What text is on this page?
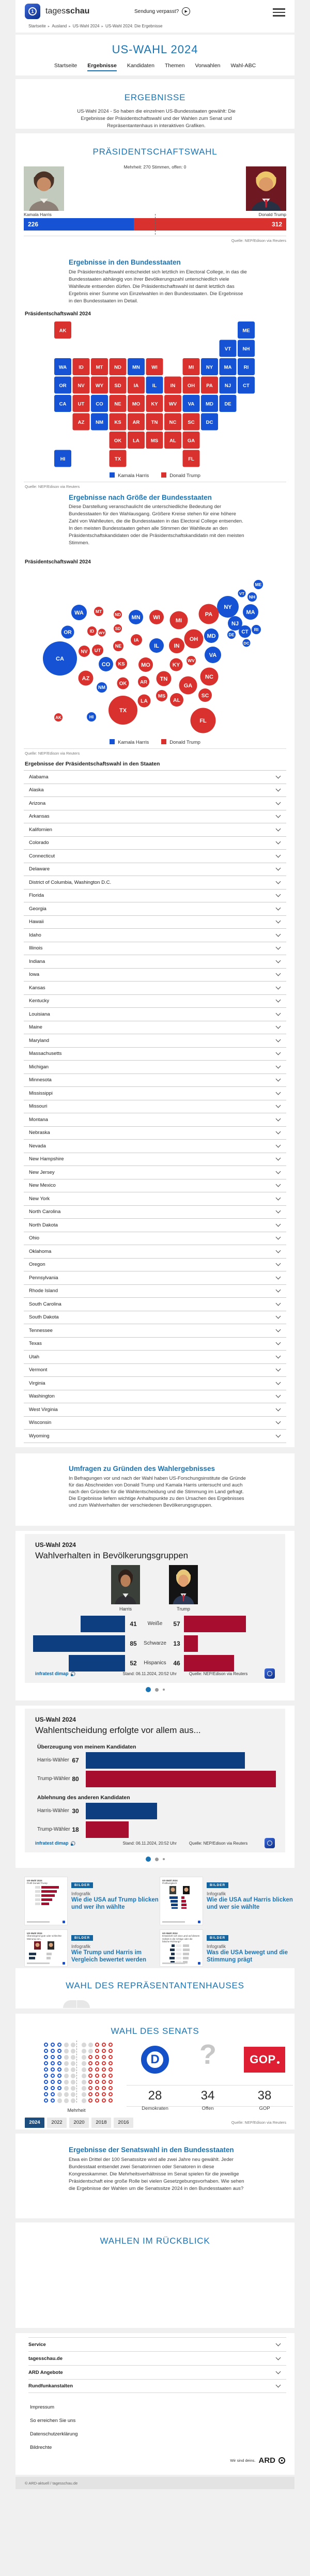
1	tagesschau	Sendung verpasst?	▶
Startseite ▸ Ausland ▸ US-Wahl 2024 ▸ US-Wahl 2024: Die Ergebnisse
US-WAHL 2024
Startseite Ergebnisse Kandidaten Themen Vorwahlen Wahl-ABC
ERGEBNISSE
US-Wahl 2024 - So haben die einzelnen US-Bundesstaaten gewählt: Die Ergebnisse der Präsidentschaftswahl und der Wahlen zum Senat und Repräsentantenhaus in interaktiven Grafiken.
PRÄSIDENTSCHAFTSWAHL
Mehrheit: 270 Stimmen, offen: 0
Kamala Harris	Donald Trump
226	312
Quelle: NEP/Edison via Reuters
Ergebnisse in den Bundesstaaten
Die Präsidentschaftswahl entscheidet sich letztlich im Electoral College, in das die Bundesstaaten abhängig von ihrer Bevölkerungszahl unterschiedlich viele Wahlleute entsenden dürfen. Die Präsidentschaftswahl ist damit letztlich das Ergebnis einer Summe von Einzelwahlen in den Bundesstaaten. Die Ergebnisse in den Bundesstaaten im Detail.
Präsidentschaftswahl 2024
AK	ME
VT NH
WA ID	MT ND MN WI	MI NY MA RI
OR NV WY SD	IA	IL	IN OH PA NJ CT
CA UT CO NE MO KY WV VA MD DE
AZ NM KS AR TN NC SC DC
OK LA MS AL GA
HI	TX	FL
Kamala Harris	Donald Trump
Quelle: NEP/Edison via Reuters
Ergebnisse nach Größe der Bundesstaaten
Diese Darstellung veranschaulicht die unterschiedliche Bedeutung der Bundesstaaten für den Wahlausgang. Größere Kreise stehen für eine höhere Zahl von Wahlleuten, die die Bundesstaaten in das Electoral College entsenden. In den meisten Bundesstaaten gehen alle Stimmen der Wahlleute an den Präsidentschaftskandidaten oder die Präsidentschaftskandidatin mit den meisten Stimmen.
Präsidentschaftswahl 2024
ME
NH
VT
NY
MA
CT RI
NJ
PA
MD	DE
DC
VA
WV
OH
MI
IN
KY
WI
IL
MN
IA
MO
ND
SD
NE
KS
OK
TX
AR
LA
MS
AL
TN
GA
NC
SC
FL
WA
OR	ID
MT
WY
NV UT
CO
AZ
NM
CA
AK	HI
Kamala Harris	Donald Trump
Quelle: NEP/Edison via Reuters
Ergebnisse der Präsidentschaftswahl in den Staaten
Alabama
Alaska
Arizona
Arkansas
Kalifornien
Colorado
Connecticut
Delaware
District of Columbia, Washington D.C.
Florida
Georgia
Hawaii
Idaho
Illinois
Indiana
Iowa
Kansas
Kentucky
Louisiana
Maine
Maryland
Massachusetts
Michigan
Minnesota
Mississippi
Missouri
Montana
Nebraska
Nevada
New Hampshire
New Jersey
New Mexico
New York
North Carolina
North Dakota
Ohio
Oklahoma
Oregon
Pennsylvania
Rhode Island
South Carolina
South Dakota
Tennessee
Texas
Utah
Vermont
Virginia
Washington
West Virginia
Wisconsin
Wyoming
Umfragen zu Gründen des Wahlergebnisses
In Befragungen vor und nach der Wahl haben US-Forschungsinstitute die Gründe für das Abschneiden von Donald Trump und Kamala Harris untersucht und auch nach den Gründen für die Wahlentscheidung und die Stimmung im Land gefragt. Die Ergebnisse liefern wichtige Anhaltspunkte zu den Ursachen des Ergebnisses und zum Wahlverhalten der verschiedenen Bevölkerungsgruppen.
US-Wahl 2024
Wahlverhalten in Bevölkerungsgruppen
Harris	Trump
41	Weiße	57
85	Schwarze	13
52	Hispanics	46
infratest dimap	Stand: 06.11.2024, 20:52 Uhr	Quelle: NEP/Edison via Reuters
US-Wahl 2024
Wahlentscheidung erfolgte vor allem aus...
Überzeugung von meinem Kandidaten
Harris-Wähler 67
Trump-Wähler 80
Ablehnung des anderen Kandidaten
Harris-Wähler 30
Trump-Wähler 18
infratest dimap	Stand: 06.11.2024, 20:52 Uhr	Quelle: NEP/Edison via Reuters
US-Wahl 2024
Profil Donald Trump
BILDER
Infografik
Wie die USA auf Trump blicken und wer ihn wählte
US-Wahl 2024
Profilvergleich
BILDER
Infografik
Wie die USA auf Harris blicken und wer sie wählte
US-Wahl 2024
Überwiegend gute oder schlechte Meinung von...	BILDER
Infografik
Wie Trump und Harris im Vergleich bewertet werden
US-Wahl 2024
Entwickelt sich das Land auf diesem Gebiet in die richtige oder die falsche Richtung?
BILDER
Infografik
Was die USA bewegt und die Stimmung prägt
WAHL DES REPRÄSENTANTENHAUSES
WAHL DES SENATS
Mehrheit
D	?	GOP
28	34	38
Demokraten	Offen	GOP
2024 2022 2020 2018 2016	Quelle: NEP/Edison via Reuters
Ergebnisse der Senatswahl in den Bundesstaaten
Etwa ein Drittel der 100 Senatssitze wird alle zwei Jahre neu gewählt. Jeder Bundesstaat entsendet zwei Senatorinnen oder Senatoren in diese Kongresskammer. Die Mehrheitsverhältnisse im Senat spielen für die jeweilige Präsidentschaft eine große Rolle bei vielen Gesetzgebungsvorhaben. Wie sehen die Ergebnisse der Wahlen um die Senatssitze 2024 in den Bundesstaaten aus?
WAHLEN IM RÜCKBLICK
Service
tagesschau.de
ARD Angebote
Rundfunkanstalten
Impressum
So erreichen Sie uns
Datenschutzerklärung
Bildrechte
Wir sind deins. ARD
© ARD-aktuell / tagesschau.de
